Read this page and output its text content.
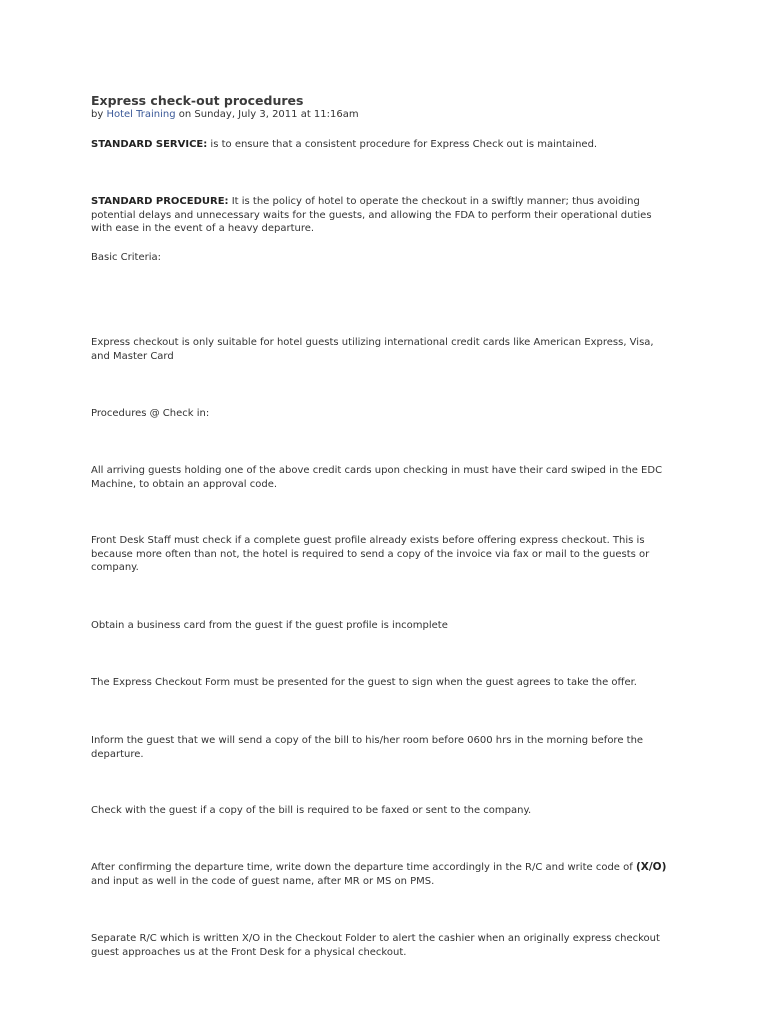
Express check-out procedures

by Hotel Training on Sunday, July 3, 2011 at 11:16am

STANDARD SERVICE: is to ensure that a consistent procedure for Express Check out is maintained.

STANDARD PROCEDURE: It is the policy of hotel to operate the checkout in a swiftly manner; thus avoiding potential delays and unnecessary waits for the guests, and allowing the FDA to perform their operational duties with ease in the event of a heavy departure.

Basic Criteria:

Express checkout is only suitable for hotel guests utilizing international credit cards like American Express, Visa, and Master Card

Procedures @ Check in:

All arriving guests holding one of the above credit cards upon checking in must have their card swiped in the EDC Machine, to obtain an approval code.

Front Desk Staff must check if a complete guest profile already exists before offering express checkout. This is because more often than not, the hotel is required to send a copy of the invoice via fax or mail to the guests or company.

Obtain a business card from the guest if the guest profile is incomplete

The Express Checkout Form must be presented for the guest to sign when the guest agrees to take the offer.

Inform the guest that we will send a copy of the bill to his/her room before 0600 hrs in the morning before the departure.

Check with the guest if a copy of the bill is required to be faxed or sent to the company.

After confirming the departure time, write down the departure time accordingly in the R/C and write code of (X/O) and input as well in the code of guest name, after MR or MS on PMS.

Separate R/C which is written X/O in the Checkout Folder to alert the cashier when an originally express checkout guest approaches us at the Front Desk for a physical checkout.
